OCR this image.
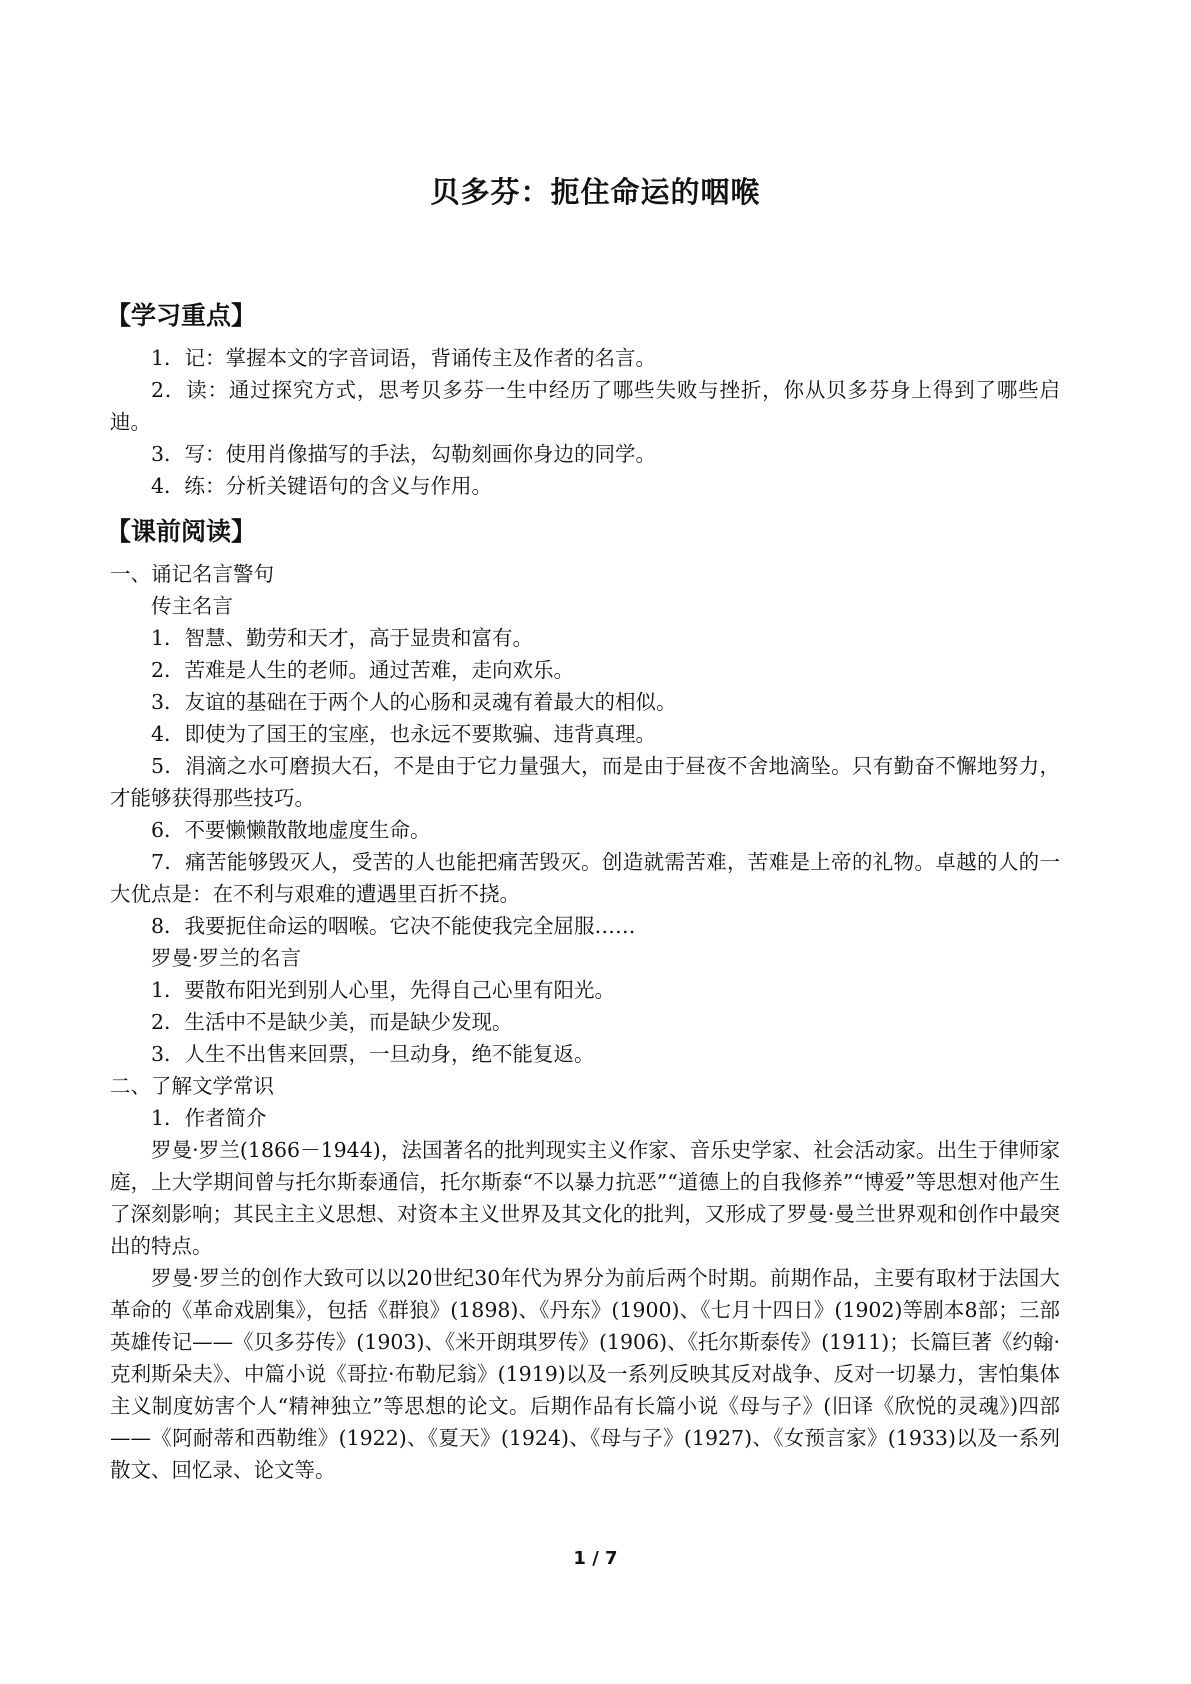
贝多芬：扼住命运的咽喉
【学习重点】

1．记：掌握本文的字音词语，背诵传主及作者的名言。

2．读：通过探究方式，思考贝多芬一生中经历了哪些失败与挫折，你从贝多芬身上得到了哪些启迪。

3．写：使用肖像描写的手法，勾勒刻画你身边的同学。

4．练：分析关键语句的含义与作用。

【课前阅读】

一、诵记名言警句

传主名言

1．智慧、勤劳和天才，高于显贵和富有。

2．苦难是人生的老师。通过苦难，走向欢乐。

3．友谊的基础在于两个人的心肠和灵魂有着最大的相似。

4．即使为了国王的宝座，也永远不要欺骗、违背真理。

5．涓滴之水可磨损大石，不是由于它力量强大，而是由于昼夜不舍地滴坠。只有勤奋不懈地努力，才能够获得那些技巧。

6．不要懒懒散散地虚度生命。

7．痛苦能够毁灭人，受苦的人也能把痛苦毁灭。创造就需苦难，苦难是上帝的礼物。卓越的人的一大优点是：在不利与艰难的遭遇里百折不挠。

8．我要扼住命运的咽喉。它决不能使我完全屈服……

罗曼·罗兰的名言

1．要散布阳光到别人心里，先得自己心里有阳光。

2．生活中不是缺少美，而是缺少发现。

3．人生不出售来回票，一旦动身，绝不能复返。

二、了解文学常识

1．作者简介

罗曼·罗兰(1866－1944)，法国著名的批判现实主义作家、音乐史学家、社会活动家。出生于律师家庭，上大学期间曾与托尔斯泰通信，托尔斯泰“不以暴力抗恶”“道德上的自我修养”“博爱”等思想对他产生了深刻影响；其民主主义思想、对资本主义世界及其文化的批判，又形成了罗曼·曼兰世界观和创作中最突出的特点。

罗曼·罗兰的创作大致可以以20世纪30年代为界分为前后两个时期。前期作品，主要有取材于法国大革命的《革命戏剧集》，包括《群狼》(1898)、《丹东》(1900)、《七月十四日》(1902)等剧本8部；三部英雄传记——《贝多芬传》(1903)、《米开朗琪罗传》(1906)、《托尔斯泰传》(1911)；长篇巨著《约翰·克利斯朵夫》、中篇小说《哥拉·布勒尼翁》(1919)以及一系列反映其反对战争、反对一切暴力，害怕集体主义制度妨害个人“精神独立”等思想的论文。后期作品有长篇小说《母与子》(旧译《欣悦的灵魂》)四部——《阿耐蒂和西勒维》(1922)、《夏天》(1924)、《母与子》(1927)、《女预言家》(1933)以及一系列散文、回忆录、论文等。

1 / 7
